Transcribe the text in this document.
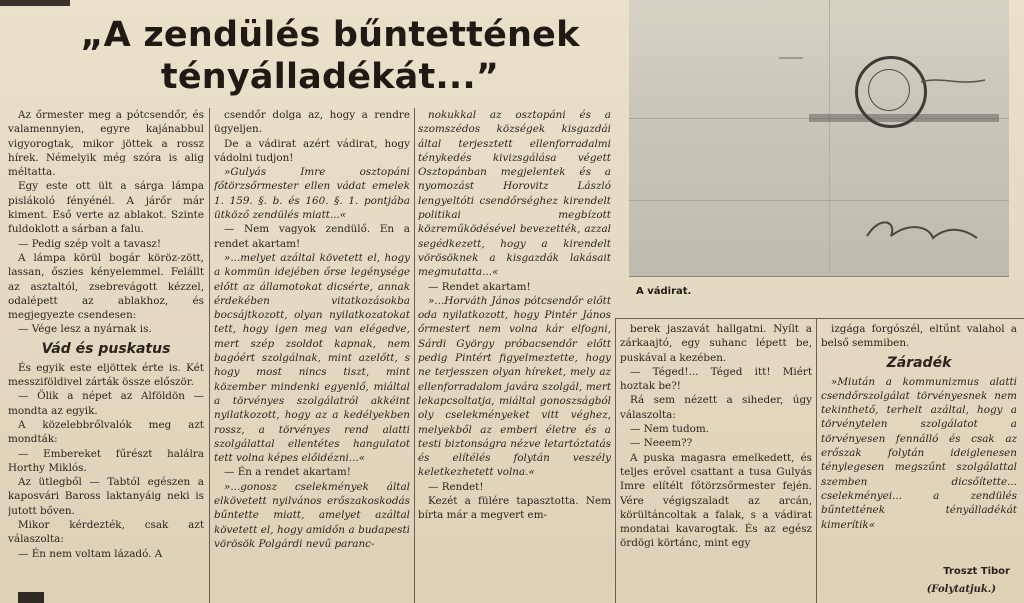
„A zendülés bűntettének
tényálladékát...”

Az őrmester meg a pótcsendőr, és valamennyien, egyre kajánabbul vigyorogtak, mikor jöttek a rossz hírek. Némelyik még szóra is alig méltatta.

Egy este ott ült a sárga lámpa pislákoló fényénél. A járőr már kiment. Eső verte az ablakot. Szinte fuldoklott a sárban a falu.

— Pedig szép volt a tavasz!

A lámpa körül bogár köröz-zött, lassan, őszies kényelemmel. Felállt az asztaltól, zsebrevágott kézzel, odalépett az ablakhoz, és megjegyezte csendesen:

— Vége lesz a nyárnak is.

Vád és puskatus

És egyik este eljöttek érte is. Két messziföldivel zárták össze először.

— Ölik a népet az Alföldön — mondta az egyik.

A közelebbrőlvalók meg azt mondták:

— Embereket fűrészt halálra Horthy Miklós.

Az ütlegből — Tabtól egészen a kaposvári Baross laktanyáig neki is jutott bőven.

Mikor kérdezték, csak azt válaszolta:

— Én nem voltam lázadó. A

csendőr dolga az, hogy a rendre ügyeljen.

De a vádirat azért vádirat, hogy vádolni tudjon!

»Gulyás Imre osztopáni főtörzsőrmester ellen vádat emelek 1. 159. §. b. és 160. §. 1. pontjába ütköző zendülés miatt...«

— Nem vagyok zendülő. En a rendet akartam!

»...melyet azáltal követett el, hogy a kommün idejében őrse legénysége előtt az államotokat dicsérte, annak érdekében vitatkozásokba bocsájtkozott, olyan nyilatkozatokat tett, hogy igen meg van elégedve, mert szép zsoldot kapnak, nem bagóért szolgálnak, mint azelőtt, s hogy most nincs tiszt, mint közember mindenki egyenlő, miáltal a törvényes szolgálatról akkéint nyilatkozott, hogy az a kedélyekben rossz, a törvényes rend alatti szolgálattal ellentétes hangulatot tett volna képes előidézni...«

— Én a rendet akartam!

»...gonosz cselekmények által elkövetett nyilvános erőszakoskodás bűntette miatt, amelyet azáltal követett el, hogy amidőn a budapesti vörösök Polgárdi nevű paranc-

nokukkal az osztopáni és a szomszédos községek kisgazdái által terjesztett ellenforradalmi ténykedés kivizsgálása végett Osztopánban megjelentek és a nyomozást Horovitz László lengyeltóti csendőrséghez kirendelt politikai megbízott közreműködésével bevezették, azzal segédkezett, hogy a kirendelt vörösöknek a kisgazdák lakásait megmutatta...«

— Rendet akartam!

»...Horváth János pótcsendőr előtt oda nyilatkozott, hogy Pintér János őrmestert nem volna kár elfogni, Sárdi György próbacsendőr előtt pedig Pintért figyelmeztette, hogy ne terjesszen olyan híreket, mely az ellenforradalom javára szolgál, mert lekapcsoltatja, miáltal gonoszságból oly cselekményeket vitt véghez, melyekből az emberi életre és a testi biztonságra nézve letartóztatás és elítélés folytán veszély keletkezhetett volna.«

— Rendet!

Kezét a fülére tapasztotta. Nem bírta már a megvert em-

A vádirat.

berek jaszavát hallgatni. Nyílt a zárkaajtó, egy suhanc lépett be, puskával a kezében.

— Téged!... Téged itt! Miért hoztak be?!

Rá sem nézett a siheder, úgy válaszolta:

— Nem tudom.

— Neeem??

A puska magasra emelkedett, és teljes erővel csattant a tusa Gulyás Imre elítélt főtörzsőrmester fején. Vére végigszaladt az arcán, körültáncoltak a falak, s a vádirat mondatai kavarogtak. És az egész ördögi körtánc, mint egy

izgága forgószél, eltűnt valahol a belső semmiben.

Záradék

»Miután a kommunizmus alatti csendőrszolgálat törvényesnek nem tekinthető, terhelt azáltal, hogy a törvénytelen szolgálatot a törvényesen fennálló és csak az erőszak folytán ideiglenesen ténylegesen megszűnt szolgálattal szemben dicsőítette... cselekményei... a zendülés bűntettének tényálladékát kimerítik«

Troszt Tibor
(Folytatjuk.)
